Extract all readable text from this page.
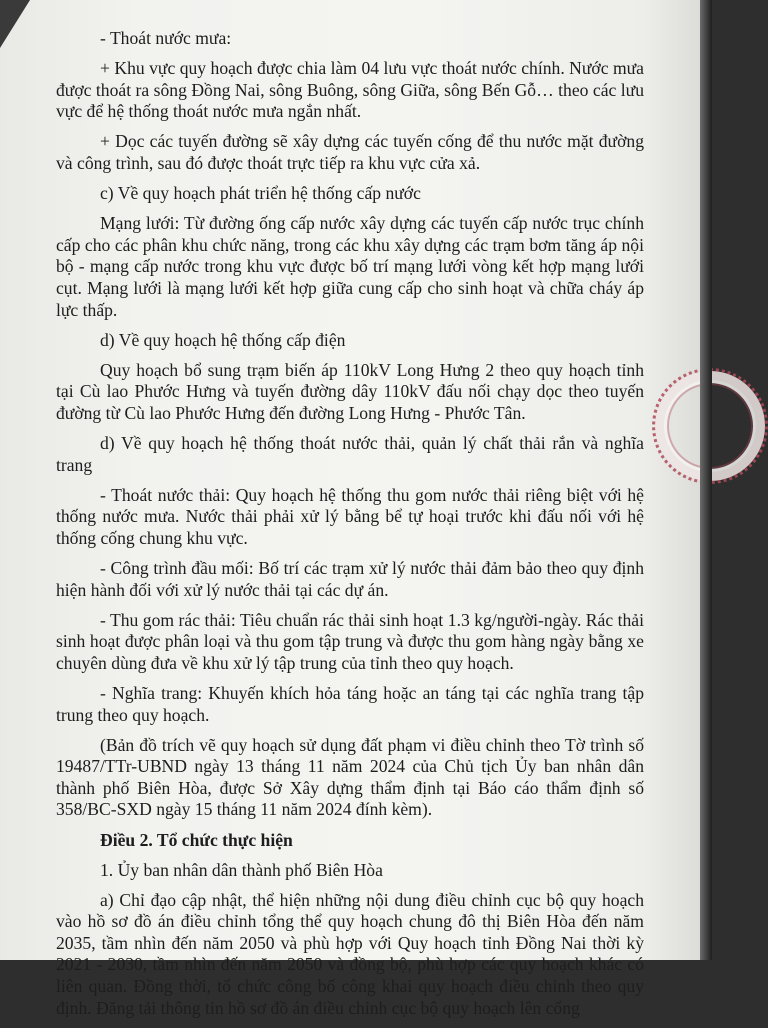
- Thoát nước mưa:

+ Khu vực quy hoạch được chia làm 04 lưu vực thoát nước chính. Nước mưa được thoát ra sông Đồng Nai, sông Buông, sông Giữa, sông Bến Gỗ… theo các lưu vực để hệ thống thoát nước mưa ngắn nhất.

+ Dọc các tuyến đường sẽ xây dựng các tuyến cống để thu nước mặt đường và công trình, sau đó được thoát trực tiếp ra khu vực cửa xả.

c) Về quy hoạch phát triển hệ thống cấp nước

Mạng lưới: Từ đường ống cấp nước xây dựng các tuyến cấp nước trục chính cấp cho các phân khu chức năng, trong các khu xây dựng các trạm bơm tăng áp nội bộ - mạng cấp nước trong khu vực được bố trí mạng lưới vòng kết hợp mạng lưới cụt. Mạng lưới là mạng lưới kết hợp giữa cung cấp cho sinh hoạt và chữa cháy áp lực thấp.

d) Về quy hoạch hệ thống cấp điện

Quy hoạch bổ sung trạm biến áp 110kV Long Hưng 2 theo quy hoạch tỉnh tại Cù lao Phước Hưng và tuyến đường dây 110kV đấu nối chạy dọc theo tuyến đường từ Cù lao Phước Hưng đến đường Long Hưng - Phước Tân.

d) Về quy hoạch hệ thống thoát nước thải, quản lý chất thải rắn và nghĩa trang

- Thoát nước thải: Quy hoạch hệ thống thu gom nước thải riêng biệt với hệ thống nước mưa. Nước thải phải xử lý bằng bể tự hoại trước khi đấu nối với hệ thống cống chung khu vực.

- Công trình đầu mối: Bố trí các trạm xử lý nước thải đảm bảo theo quy định hiện hành đối với xử lý nước thải tại các dự án.

- Thu gom rác thải: Tiêu chuẩn rác thải sinh hoạt 1.3 kg/người-ngày. Rác thải sinh hoạt được phân loại và thu gom tập trung và được thu gom hàng ngày bằng xe chuyên dùng đưa về khu xử lý tập trung của tỉnh theo quy hoạch.

- Nghĩa trang: Khuyến khích hỏa táng hoặc an táng tại các nghĩa trang tập trung theo quy hoạch.

(Bản đồ trích vẽ quy hoạch sử dụng đất phạm vi điều chỉnh theo Tờ trình số 19487/TTr-UBND ngày 13 tháng 11 năm 2024 của Chủ tịch Ủy ban nhân dân thành phố Biên Hòa, được Sở Xây dựng thẩm định tại Báo cáo thẩm định số 358/BC-SXD ngày 15 tháng 11 năm 2024 đính kèm).

Điều 2. Tổ chức thực hiện

1. Ủy ban nhân dân thành phố Biên Hòa

a) Chỉ đạo cập nhật, thể hiện những nội dung điều chỉnh cục bộ quy hoạch vào hồ sơ đồ án điều chỉnh tổng thể quy hoạch chung đô thị Biên Hòa đến năm 2035, tầm nhìn đến năm 2050 và phù hợp với Quy hoạch tỉnh Đồng Nai thời kỳ 2021 - 2030, tầm nhìn đến năm 2050 và đồng bộ, phù hợp các quy hoạch khác có liên quan. Đồng thời, tổ chức công bố công khai quy hoạch điều chỉnh theo quy định. Đăng tải thông tin hồ sơ đồ án điều chỉnh cục bộ quy hoạch lên cổng
